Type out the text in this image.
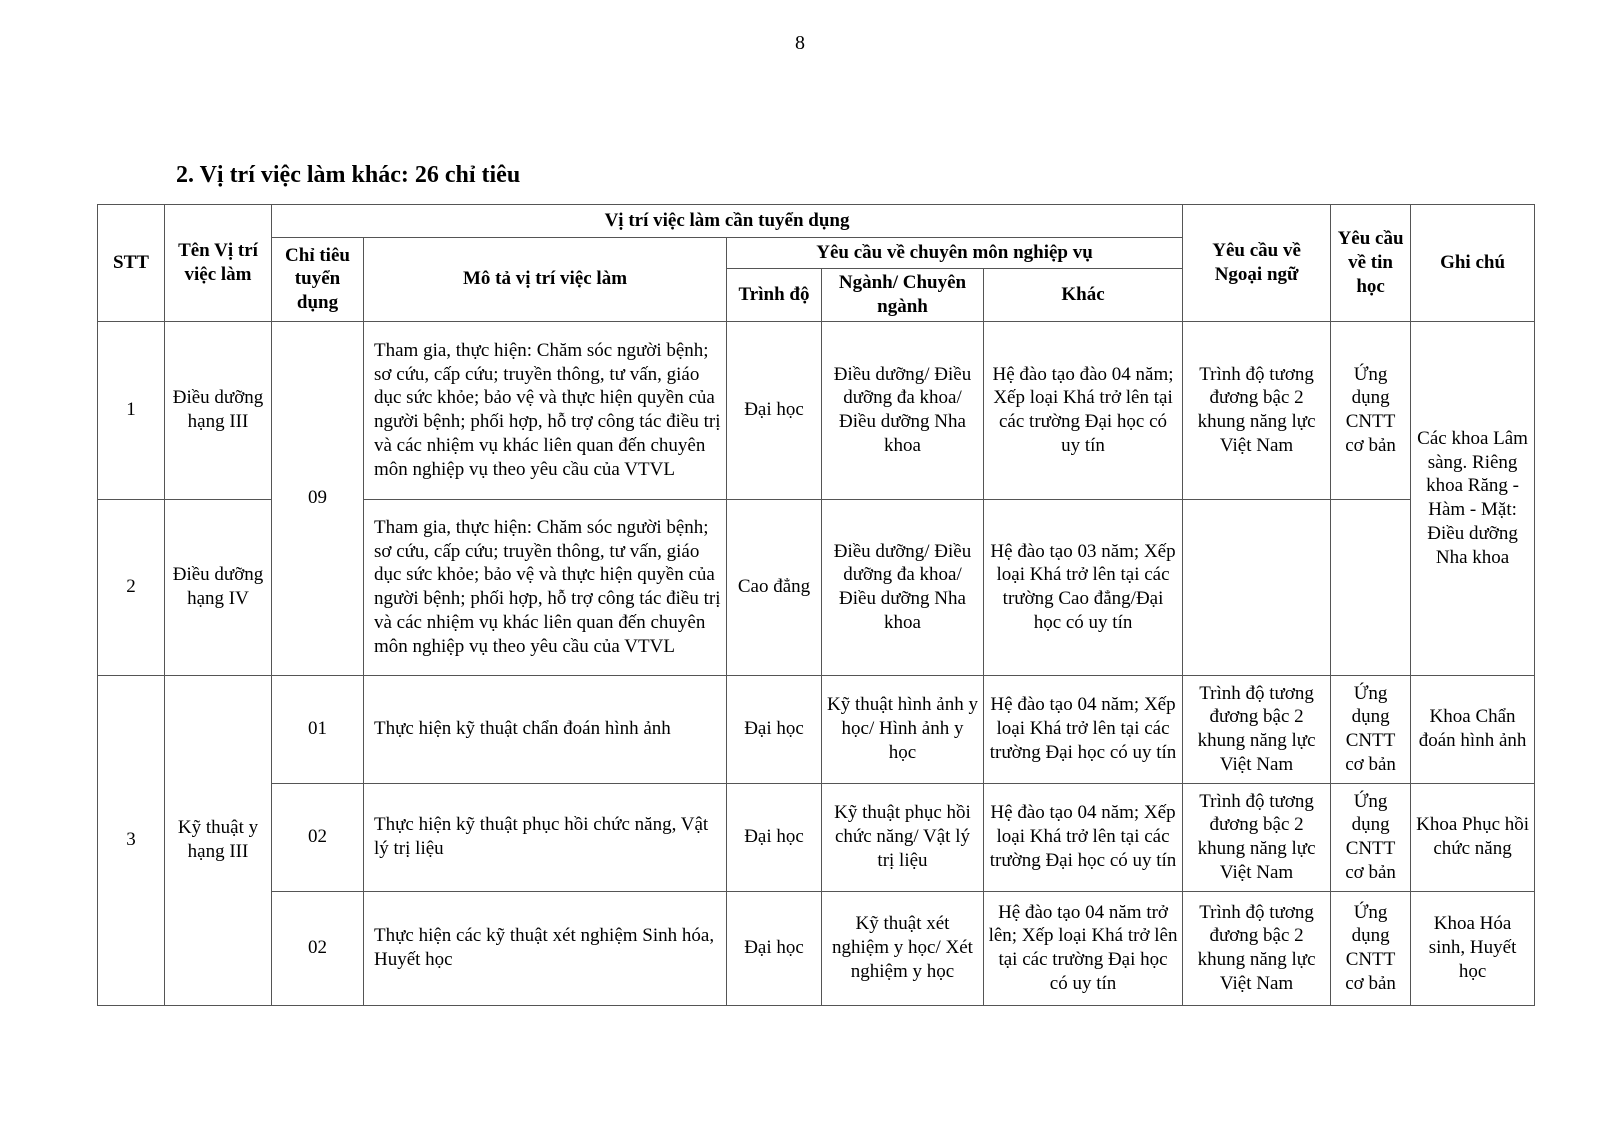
8
2. Vị trí việc làm khác: 26 chỉ tiêu
STT	Tên Vị trí việc làm	Vị trí việc làm cần tuyển dụng					Yêu cầu về Ngoại ngữ	Yêu cầu về tin học	Ghi chú
		Chỉ tiêu tuyển dụng	Mô tả vị trí việc làm	Yêu cầu về chuyên môn nghiệp vụ					
				Trình độ	Ngành/ Chuyên ngành	Khác			
1	Điều dưỡng hạng III	09	Tham gia, thực hiện: Chăm sóc người bệnh; sơ cứu, cấp cứu; truyền thông, tư vấn, giáo dục sức khỏe; bảo vệ và thực hiện quyền của người bệnh; phối hợp, hỗ trợ công tác điều trị và các nhiệm vụ khác liên quan đến chuyên môn nghiệp vụ theo yêu cầu của VTVL	Đại học	Điều dưỡng/ Điều dưỡng đa khoa/ Điều dưỡng Nha khoa	Hệ đào tạo đào 04 năm; Xếp loại Khá trở lên tại các trường Đại học có uy tín	Trình độ tương đương bậc 2 khung năng lực Việt Nam	Ứng dụng CNTT cơ bản	Các khoa Lâm sàng. Riêng khoa Răng - Hàm - Mặt: Điều dưỡng Nha khoa
2	Điều dưỡng hạng IV		Tham gia, thực hiện: Chăm sóc người bệnh; sơ cứu, cấp cứu; truyền thông, tư vấn, giáo dục sức khỏe; bảo vệ và thực hiện quyền của người bệnh; phối hợp, hỗ trợ công tác điều trị và các nhiệm vụ khác liên quan đến chuyên môn nghiệp vụ theo yêu cầu của VTVL	Cao đẳng	Điều dưỡng/ Điều dưỡng đa khoa/ Điều dưỡng Nha khoa	Hệ đào tạo 03 năm; Xếp loại Khá trở lên tại các trường Cao đẳng/Đại học có uy tín			
3	Kỹ thuật y hạng III	01	Thực hiện kỹ thuật chẩn đoán hình ảnh	Đại học	Kỹ thuật hình ảnh y học/ Hình ảnh y học	Hệ đào tạo 04 năm; Xếp loại Khá trở lên tại các trường Đại học có uy tín	Trình độ tương đương bậc 2 khung năng lực Việt Nam	Ứng dụng CNTT cơ bản	Khoa Chẩn đoán hình ảnh
		02	Thực hiện kỹ thuật phục hồi chức năng, Vật lý trị liệu	Đại học	Kỹ thuật phục hồi chức năng/ Vật lý trị liệu	Hệ đào tạo 04 năm; Xếp loại Khá trở lên tại các trường Đại học có uy tín	Trình độ tương đương bậc 2 khung năng lực Việt Nam	Ứng dụng CNTT cơ bản	Khoa Phục hồi chức năng
		02	Thực hiện các kỹ thuật xét nghiệm Sinh hóa, Huyết học	Đại học	Kỹ thuật xét nghiệm y học/ Xét nghiệm y học	Hệ đào tạo 04 năm trở lên; Xếp loại Khá trở lên tại các trường Đại học có uy tín	Trình độ tương đương bậc 2 khung năng lực Việt Nam	Ứng dụng CNTT cơ bản	Khoa Hóa sinh, Huyết học
